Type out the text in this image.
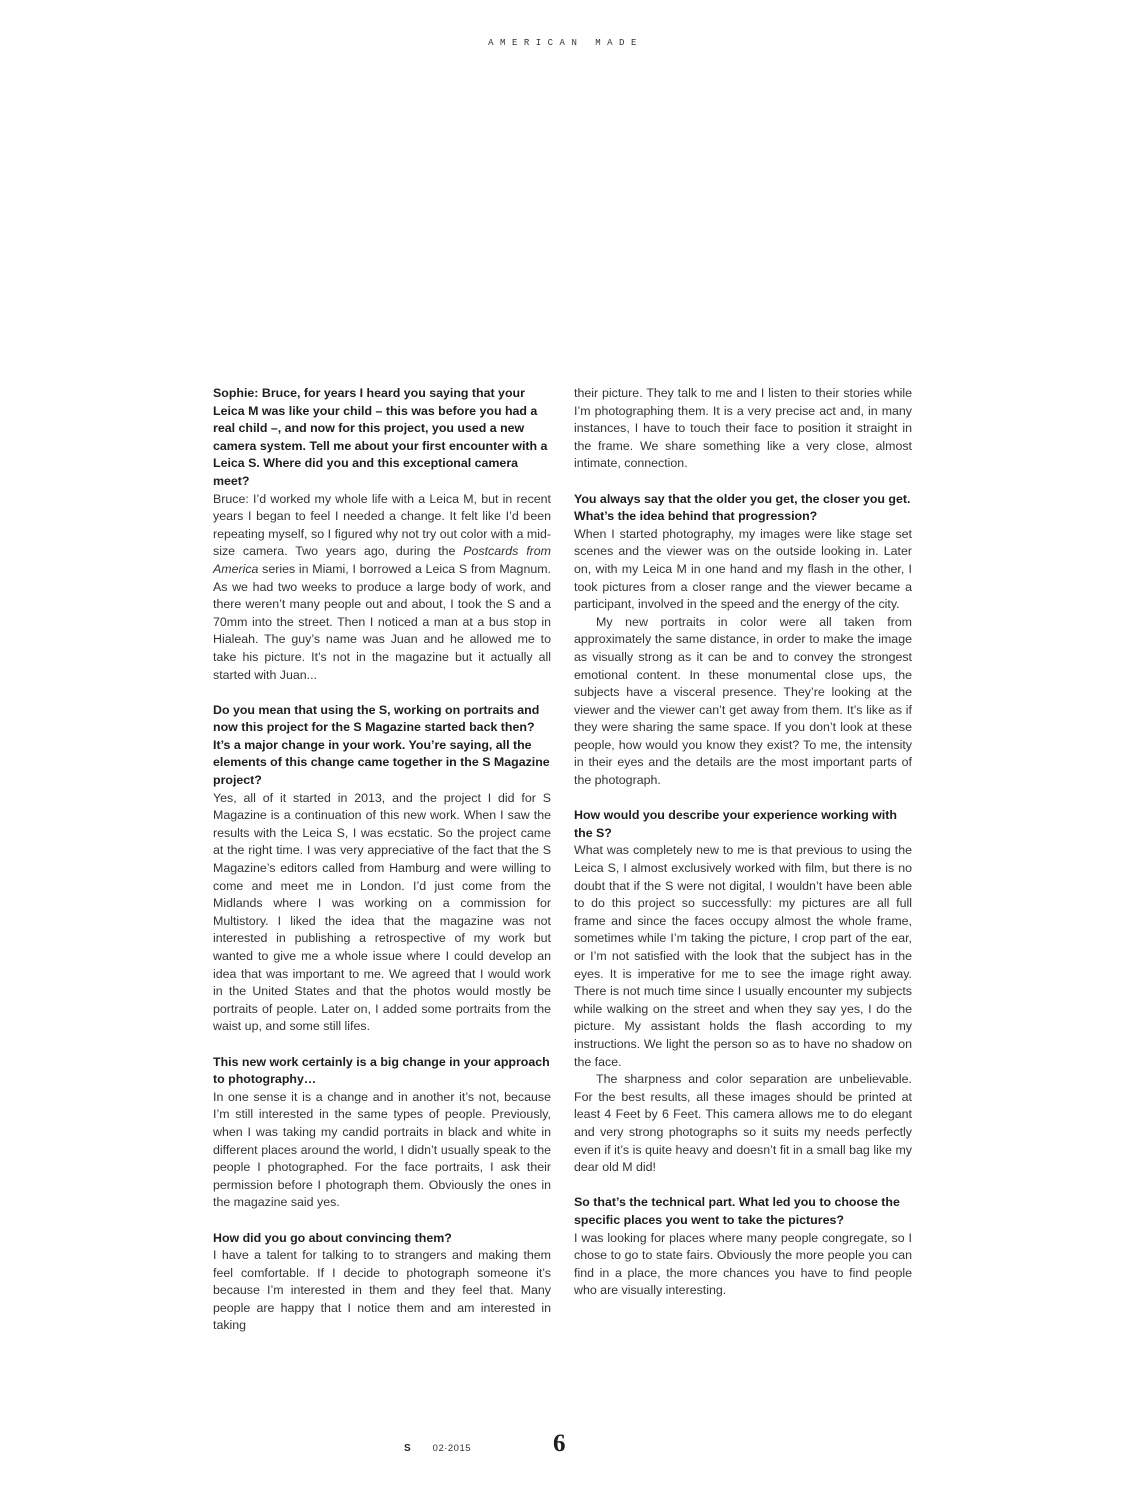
AMERICAN MADE

Sophie: Bruce, for years I heard you saying that your Leica M was like your child – this was before you had a real child –, and now for this project, you used a new camera system. Tell me about your first encounter with a Leica S. Where did you and this exceptional camera meet?

Bruce: I’d worked my whole life with a Leica M, but in recent years I began to feel I needed a change. It felt like I’d been repeating myself, so I figured why not try out color with a mid-size camera. Two years ago, during the Postcards from America series in Miami, I borrowed a Leica S from Magnum. As we had two weeks to produce a large body of work, and there weren’t many people out and about, I took the S and a 70mm into the street. Then I noticed a man at a bus stop in Hialeah. The guy’s name was Juan and he allowed me to take his picture. It’s not in the magazine but it actually all started with Juan...

Do you mean that using the S, working on portraits and now this project for the S Magazine started back then? It’s a major change in your work. You’re saying, all the elements of this change came together in the S Magazine project?

Yes, all of it started in 2013, and the project I did for S Magazine is a continuation of this new work. When I saw the results with the Leica S, I was ecstatic. So the project came at the right time. I was very appreciative of the fact that the S Magazine’s editors called from Hamburg and were willing to come and meet me in London. I’d just come from the Midlands where I was working on a commission for Multistory. I liked the idea that the magazine was not interested in publishing a retrospective of my work but wanted to give me a whole issue where I could develop an idea that was important to me. We agreed that I would work in the United States and that the photos would mostly be portraits of people. Later on, I added some portraits from the waist up, and some still lifes.

This new work certainly is a big change in your approach to photography…

In one sense it is a change and in another it’s not, because I’m still interested in the same types of people. Previously, when I was taking my candid portraits in black and white in different places around the world, I didn’t usually speak to the people I photographed. For the face portraits, I ask their permission before I photograph them. Obviously the ones in the magazine said yes.

How did you go about convincing them?

I have a talent for talking to to strangers and making them feel comfortable. If I decide to photograph someone it’s because I’m interested in them and they feel that. Many people are happy that I notice them and am interested in taking

their picture. They talk to me and I listen to their stories while I’m photographing them. It is a very precise act and, in many instances, I have to touch their face to position it straight in the frame. We share something like a very close, almost intimate, connection.

You always say that the older you get, the closer you get. What’s the idea behind that progression?

When I started photography, my images were like stage set scenes and the viewer was on the outside looking in. Later on, with my Leica M in one hand and my flash in the other, I took pictures from a closer range and the viewer became a participant, involved in the speed and the energy of the city.

My new portraits in color were all taken from approximately the same distance, in order to make the image as visually strong as it can be and to convey the strongest emotional content. In these monumental close ups, the subjects have a visceral presence. They’re looking at the viewer and the viewer can’t get away from them. It’s like as if they were sharing the same space. If you don’t look at these people, how would you know they exist? To me, the intensity in their eyes and the details are the most important parts of the photograph.

How would you describe your experience working with the S?

What was completely new to me is that previous to using the Leica S, I almost exclusively worked with film, but there is no doubt that if the S were not digital, I wouldn’t have been able to do this project so successfully: my pictures are all full frame and since the faces occupy almost the whole frame, sometimes while I’m taking the picture, I crop part of the ear, or I’m not satisfied with the look that the subject has in the eyes. It is imperative for me to see the image right away. There is not much time since I usually encounter my subjects while walking on the street and when they say yes, I do the picture. My assistant holds the flash according to my instructions. We light the person so as to have no shadow on the face.

The sharpness and color separation are unbelievable. For the best results, all these images should be printed at least 4 Feet by 6 Feet. This camera allows me to do elegant and very strong photographs so it suits my needs perfectly even if it’s is quite heavy and doesn’t fit in a small bag like my dear old M did!

So that’s the technical part. What led you to choose the specific places you went to take the pictures?

I was looking for places where many people congregate, so I chose to go to state fairs. Obviously the more people you can find in a place, the more chances you have to find people who are visually interesting.

S 02·2015	6
